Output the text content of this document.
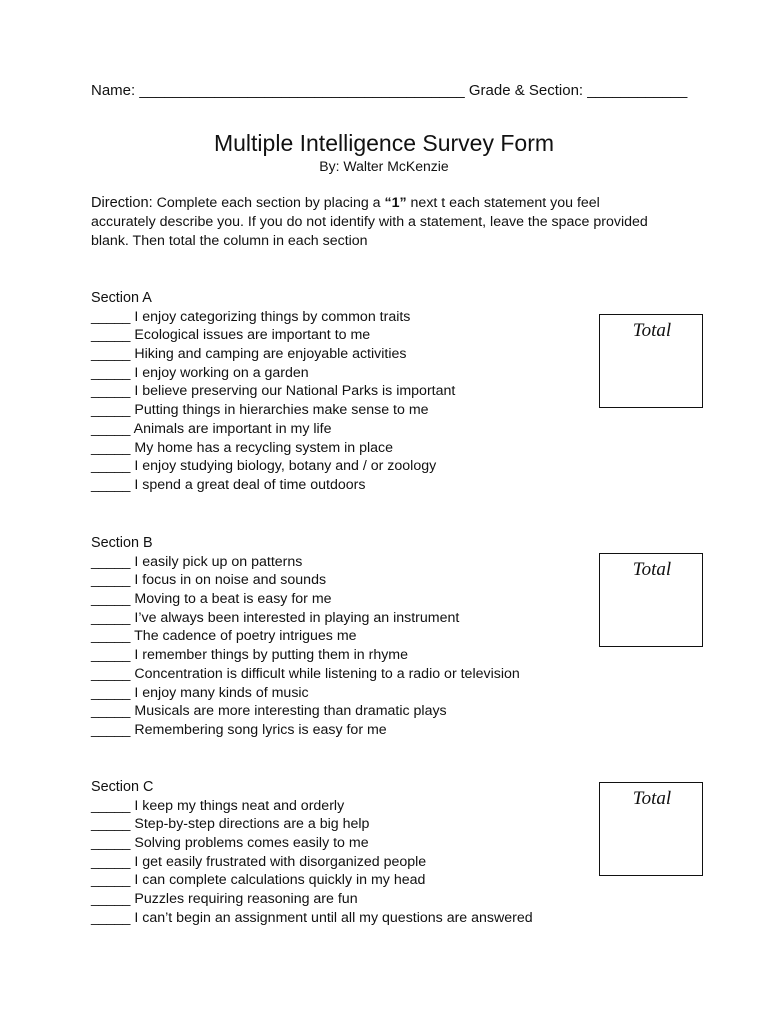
Name: _______________________________________ Grade & Section: ____________
Multiple Intelligence Survey Form
By: Walter McKenzie
Direction: Complete each section by placing a “1” next t each statement you feel accurately describe you. If you do not identify with a statement, leave the space provided blank. Then total the column in each section
Section A
_____ I enjoy categorizing things by common traits
_____ Ecological issues are important to me
_____ Hiking and camping are enjoyable activities
_____ I enjoy working on a garden
_____ I believe preserving our National Parks is important
_____ Putting things in hierarchies make sense to me
_____ Animals are important in my life
_____ My home has a recycling system in place
_____ I enjoy studying biology, botany and / or zoology
_____ I spend a great deal of time outdoors
Total
Section B
_____ I easily pick up on patterns
_____ I focus in on noise and sounds
_____ Moving to a beat is easy for me
_____ I’ve always been interested in playing an instrument
_____ The cadence of poetry intrigues me
_____ I remember things by putting them in rhyme
_____ Concentration is difficult while listening to a radio or television
_____ I enjoy many kinds of music
_____ Musicals are more interesting than dramatic plays
_____ Remembering song lyrics is easy for me
Total
Section C
_____ I keep my things neat and orderly
_____ Step-by-step directions are a big help
_____ Solving problems comes easily to me
_____ I get easily frustrated with disorganized people
_____ I can complete calculations quickly in my head
_____ Puzzles requiring reasoning are fun
_____ I can’t begin an assignment until all my questions are answered
Total
